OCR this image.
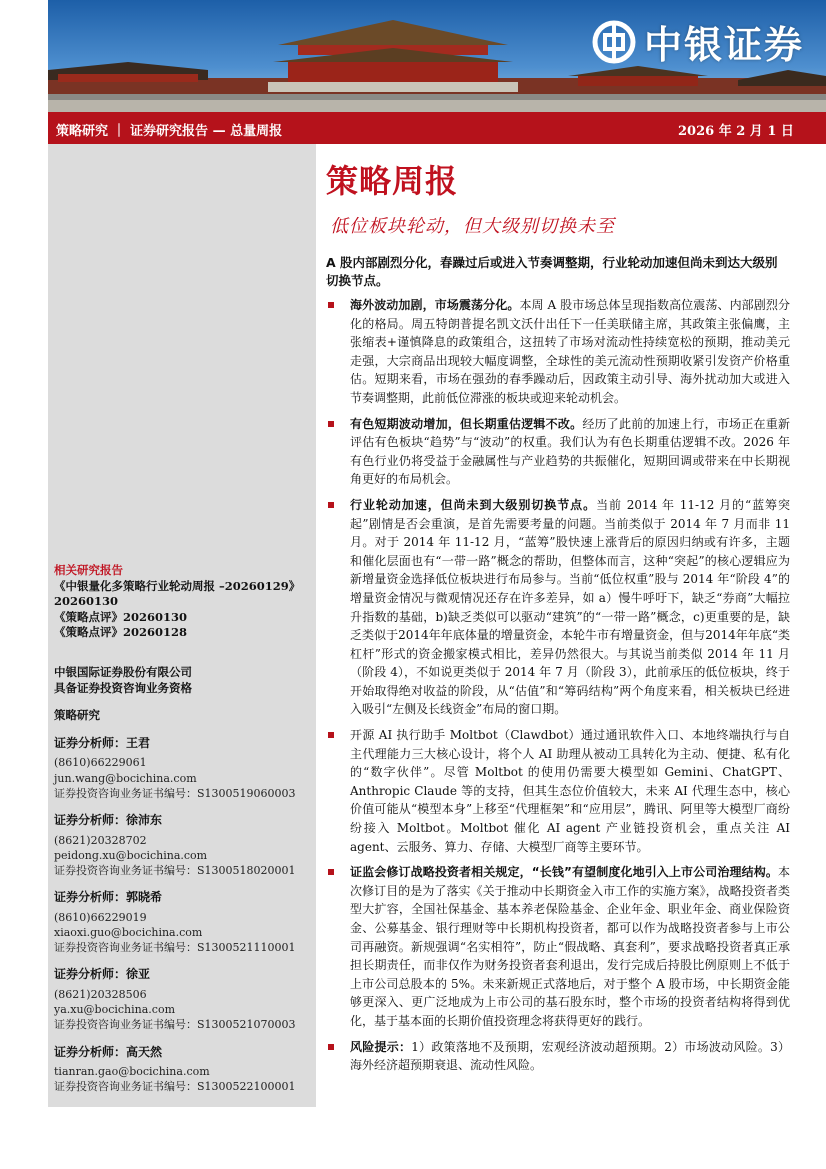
中银证券
策略研究 ｜ 证券研究报告 — 总量周报	2026 年 2 月 1 日
相关研究报告
《中银量化多策略行业轮动周报 –20260129》20260130
《策略点评》20260130
《策略点评》20260128
中银国际证券股份有限公司
具备证券投资咨询业务资格
策略研究
证券分析师：王君
(8610)66229061
jun.wang@bocichina.com
证券投资咨询业务证书编号：S1300519060003
证券分析师：徐沛东
(8621)20328702
peidong.xu@bocichina.com
证券投资咨询业务证书编号：S1300518020001
证券分析师：郭晓希
(8610)66229019
xiaoxi.guo@bocichina.com
证券投资咨询业务证书编号：S1300521110001
证券分析师：徐亚
(8621)20328506
ya.xu@bocichina.com
证券投资咨询业务证书编号：S1300521070003
证券分析师：高天然
tianran.gao@bocichina.com
证券投资咨询业务证书编号：S1300522100001
策略周报
低位板块轮动，但大级别切换未至
A 股内部剧烈分化，春躁过后或进入节奏调整期，行业轮动加速但尚未到达大级别切换节点。
海外波动加剧，市场震荡分化。本周 A 股市场总体呈现指数高位震荡、内部剧烈分化的格局。周五特朗普提名凯文沃什出任下一任美联储主席，其政策主张偏鹰，主张缩表+谨慎降息的政策组合，这扭转了市场对流动性持续宽松的预期，推动美元走强，大宗商品出现较大幅度调整，全球性的美元流动性预期收紧引发资产价格重估。短期来看，市场在强劲的春季躁动后，因政策主动引导、海外扰动加大或进入节奏调整期，此前低位滞涨的板块或迎来轮动机会。
有色短期波动增加，但长期重估逻辑不改。经历了此前的加速上行，市场正在重新评估有色板块“趋势”与“波动”的权重。我们认为有色长期重估逻辑不改。2026 年有色行业仍将受益于金融属性与产业趋势的共振催化，短期回调或带来在中长期视角更好的布局机会。
行业轮动加速，但尚未到大级别切换节点。当前 2014 年 11-12 月的“蓝筹突起”剧情是否会重演，是首先需要考量的问题。当前类似于 2014 年 7 月而非 11 月。对于 2014 年 11-12 月，“蓝筹”股快速上涨背后的原因归纳或有许多，主题和催化层面也有“一带一路”概念的帮助，但整体而言，这种“突起”的核心逻辑应为新增量资金选择低位板块进行布局参与。当前“低位权重”股与 2014 年“阶段 4”的增量资金情况与微观情况还存在许多差异，如 a）慢牛呼吁下，缺乏“券商”大幅拉升指数的基础，b)缺乏类似可以驱动“建筑”的“一带一路”概念，c)更重要的是，缺乏类似于2014年年底体量的增量资金，本轮牛市有增量资金，但与2014年年底“类杠杆”形式的资金搬家模式相比，差异仍然很大。与其说当前类似 2014 年 11 月（阶段 4），不如说更类似于 2014 年 7 月（阶段 3），此前承压的低位板块，终于开始取得绝对收益的阶段，从“估值”和“筹码结构”两个角度来看，相关板块已经进入吸引“左侧及长线资金”布局的窗口期。
开源 AI 执行助手 Moltbot（Clawdbot）通过通讯软件入口、本地终端执行与自主代理能力三大核心设计，将个人 AI 助理从被动工具转化为主动、便捷、私有化的“数字伙伴”。尽管 Moltbot 的使用仍需要大模型如 Gemini、ChatGPT、Anthropic Claude 等的支持，但其生态位价值较大，未来 AI 代理生态中，核心价值可能从“模型本身”上移至“代理框架”和“应用层”，腾讯、阿里等大模型厂商纷纷接入 Moltbot。Moltbot 催化 AI agent 产业链投资机会，重点关注 AI agent、云服务、算力、存储、大模型厂商等主要环节。
证监会修订战略投资者相关规定，“长钱”有望制度化地引入上市公司治理结构。本次修订目的是为了落实《关于推动中长期资金入市工作的实施方案》，战略投资者类型大扩容，全国社保基金、基本养老保险基金、企业年金、职业年金、商业保险资金、公募基金、银行理财等中长期机构投资者，都可以作为战略投资者参与上市公司再融资。新规强调“名实相符”，防止“假战略、真套利”，要求战略投资者真正承担长期责任，而非仅作为财务投资者套利退出，发行完成后持股比例原则上不低于上市公司总股本的 5%。未来新规正式落地后，对于整个 A 股市场，中长期资金能够更深入、更广泛地成为上市公司的基石股东时，整个市场的投资者结构将得到优化，基于基本面的长期价值投资理念将获得更好的践行。
风险提示：1）政策落地不及预期，宏观经济波动超预期。2）市场波动风险。3）海外经济超预期衰退、流动性风险。
